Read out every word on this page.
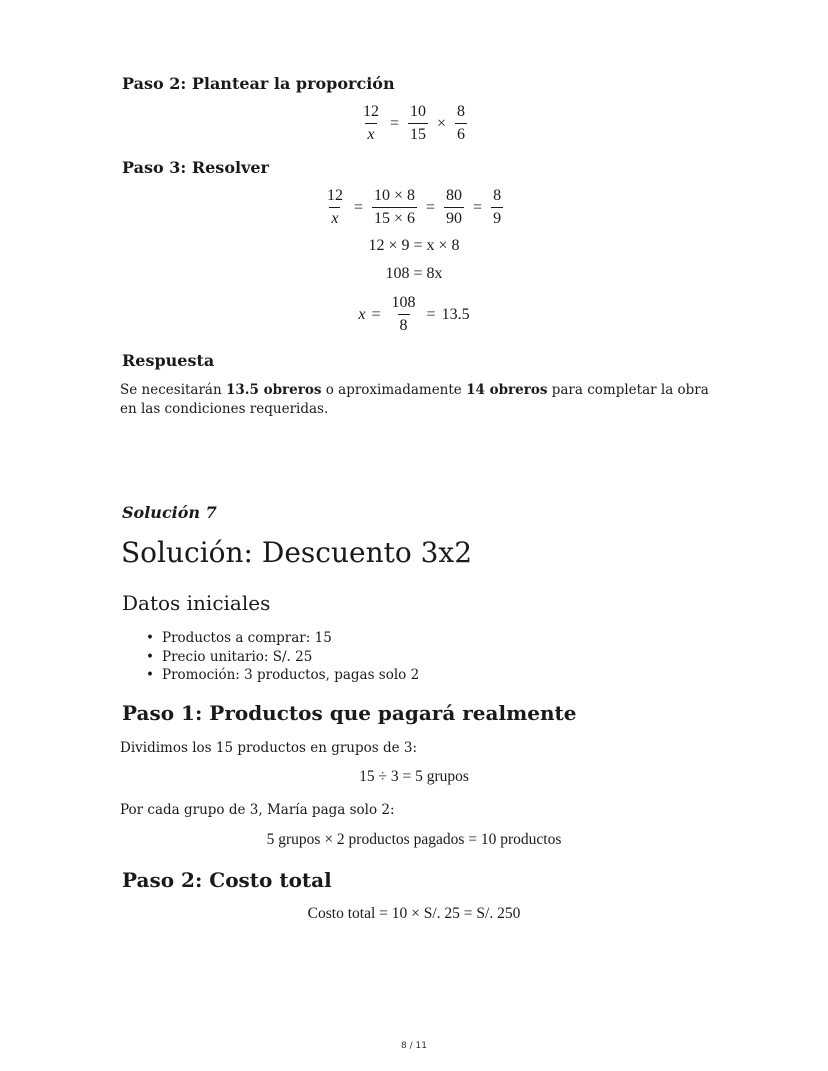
Paso 2: Plantear la proporción
$\frac{12}{x} = \frac{10}{15} \times \frac{8}{6}$
Paso 3: Resolver
$\frac{12}{x} = \frac{10 \times 8}{15 \times 6} = \frac{80}{90} = \frac{8}{9}$
12 × 9 = x × 8
108 = 8x
$x = \frac{108}{8} = 13.5$
Respuesta
Se necesitarán 13.5 obreros o aproximadamente 14 obreros para completar la obra en las condiciones requeridas.
Solución 7
Solución: Descuento 3x2
Datos iniciales
• Productos a comprar: 15
• Precio unitario: S/. 25
• Promoción: 3 productos, pagas solo 2
Paso 1: Productos que pagará realmente
Dividimos los 15 productos en grupos de 3:
15 ÷ 3 = 5 grupos
Por cada grupo de 3, María paga solo 2:
5 grupos × 2 productos pagados = 10 productos
Paso 2: Costo total
Costo total = 10 × S/. 25 = S/. 250
8 / 11
